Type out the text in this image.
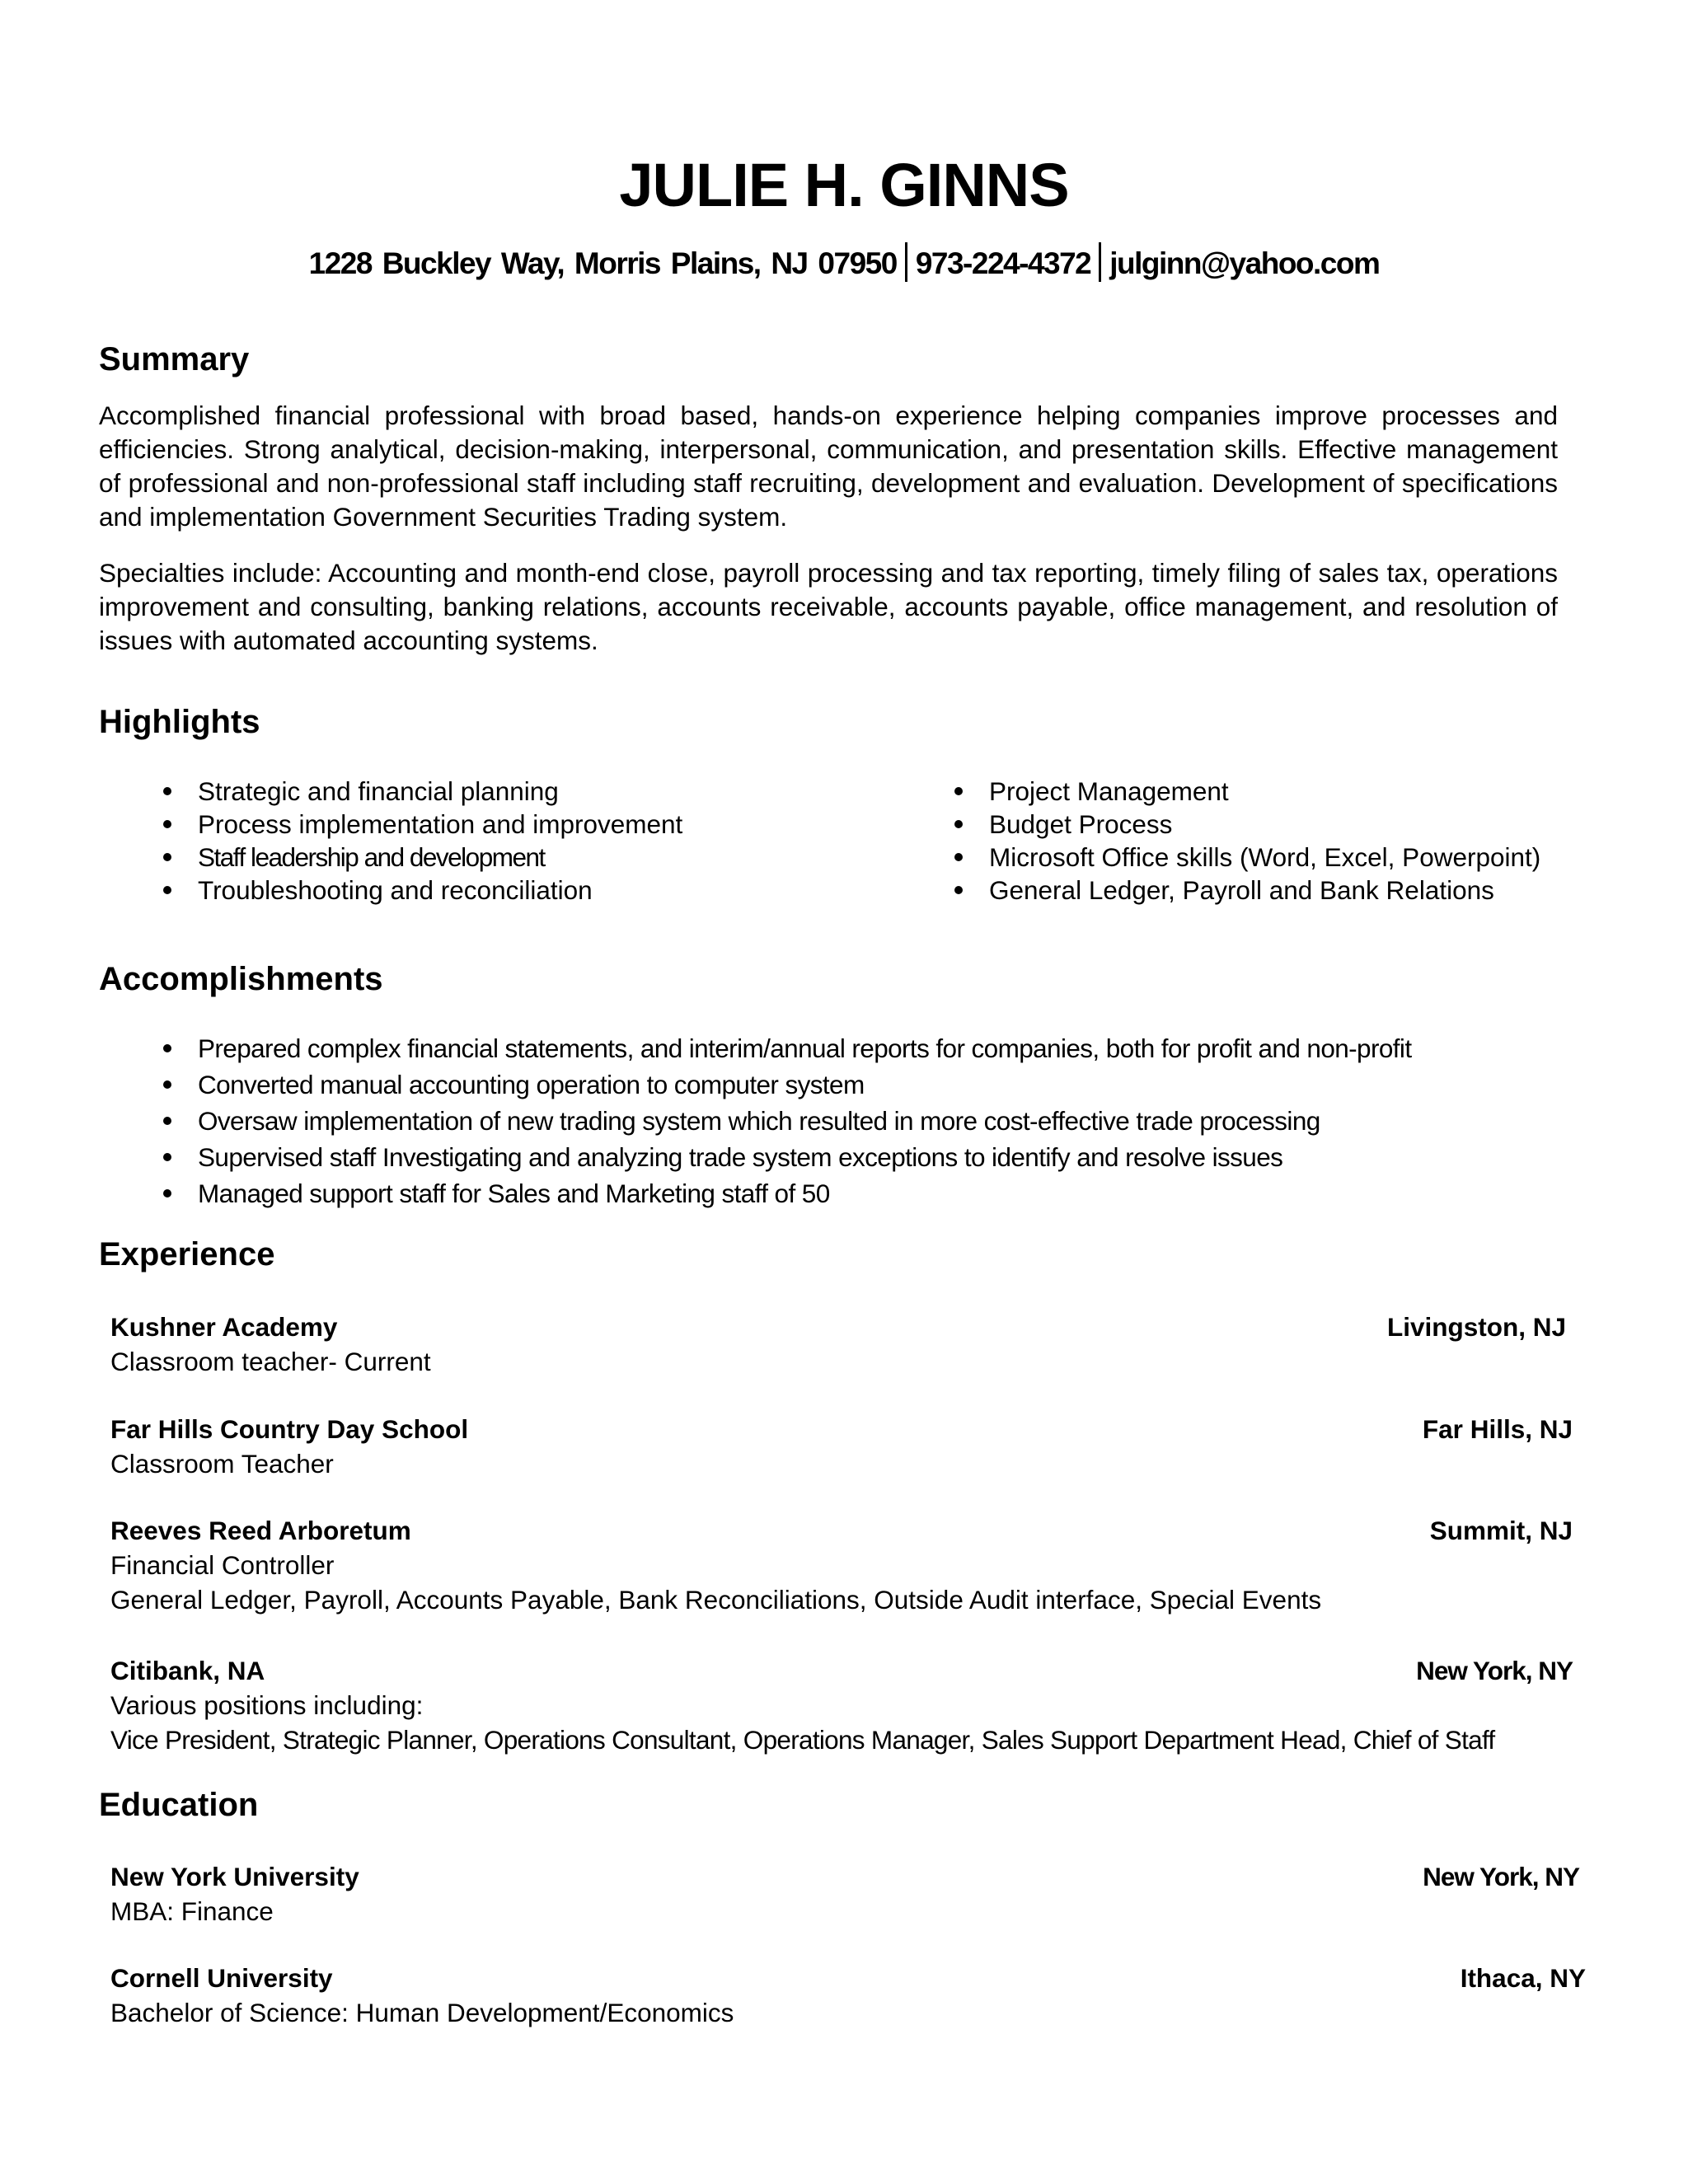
JULIE H. GINNS
1228 Buckley Way, Morris Plains, NJ 07950 973-224-4372 julginn@yahoo.com
Summary

Accomplished financial professional with broad based, hands-on experience helping companies improve processes and efficiencies. Strong analytical, decision-making, interpersonal, communication, and presentation skills. Effective management of professional and non-professional staff including staff recruiting, development and evaluation. Development of specifications and implementation Government Securities Trading system.

Specialties include: Accounting and month-end close, payroll processing and tax reporting, timely filing of sales tax, operations improvement and consulting, banking relations, accounts receivable, accounts payable, office management, and resolution of issues with automated accounting systems.

Highlights
Strategic and financial planning
Process implementation and improvement
Staff leadership and development
Troubleshooting and reconciliation
Project Management
Budget Process
Microsoft Office skills (Word, Excel, Powerpoint)
General Ledger, Payroll and Bank Relations
Accomplishments
Prepared complex financial statements, and interim/annual reports for companies, both for profit and non-profit
Converted manual accounting operation to computer system
Oversaw implementation of new trading system which resulted in more cost-effective trade processing
Supervised staff Investigating and analyzing trade system exceptions to identify and resolve issues
Managed support staff for Sales and Marketing staff of 50
Experience
Kushner Academy	Livingston, NJ
Classroom teacher- Current
Far Hills Country Day School	Far Hills, NJ
Classroom Teacher
Reeves Reed Arboretum	Summit, NJ
Financial Controller
General Ledger, Payroll, Accounts Payable, Bank Reconciliations, Outside Audit interface, Special Events
Citibank, NA	New York, NY
Various positions including:
Vice President, Strategic Planner, Operations Consultant, Operations Manager, Sales Support Department Head, Chief of Staff
Education
New York University	New York, NY
MBA: Finance
Cornell University	Ithaca, NY
Bachelor of Science: Human Development/Economics
